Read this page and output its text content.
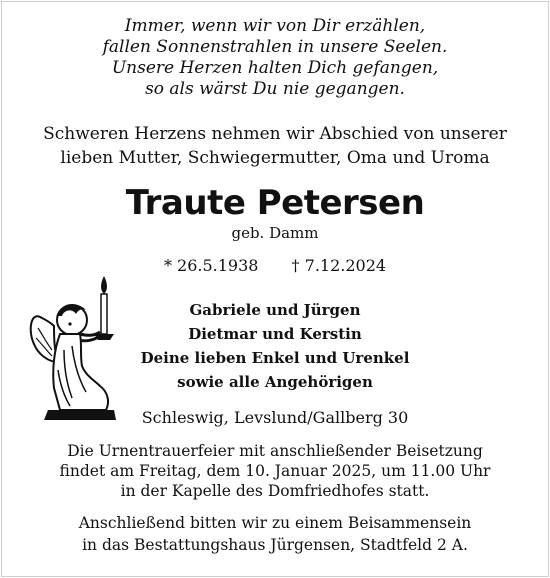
Immer, wenn wir von Dir erzählen,
fallen Sonnenstrahlen in unsere Seelen.
Unsere Herzen halten Dich gefangen,
so als wärst Du nie gegangen.
Schweren Herzens nehmen wir Abschied von unserer
lieben Mutter, Schwiegermutter, Oma und Uroma
Traute Petersen
geb. Damm
* 26.5.1938 † 7.12.2024
Gabriele und Jürgen
Dietmar und Kerstin
Deine lieben Enkel und Urenkel
sowie alle Angehörigen
Schleswig, Levslund/Gallberg 30
Die Urnentrauerfeier mit anschließender Beisetzung
findet am Freitag, dem 10. Januar 2025, um 11.00 Uhr
in der Kapelle des Domfriedhofes statt.
Anschließend bitten wir zu einem Beisammensein
in das Bestattungshaus Jürgensen, Stadtfeld 2 A.
